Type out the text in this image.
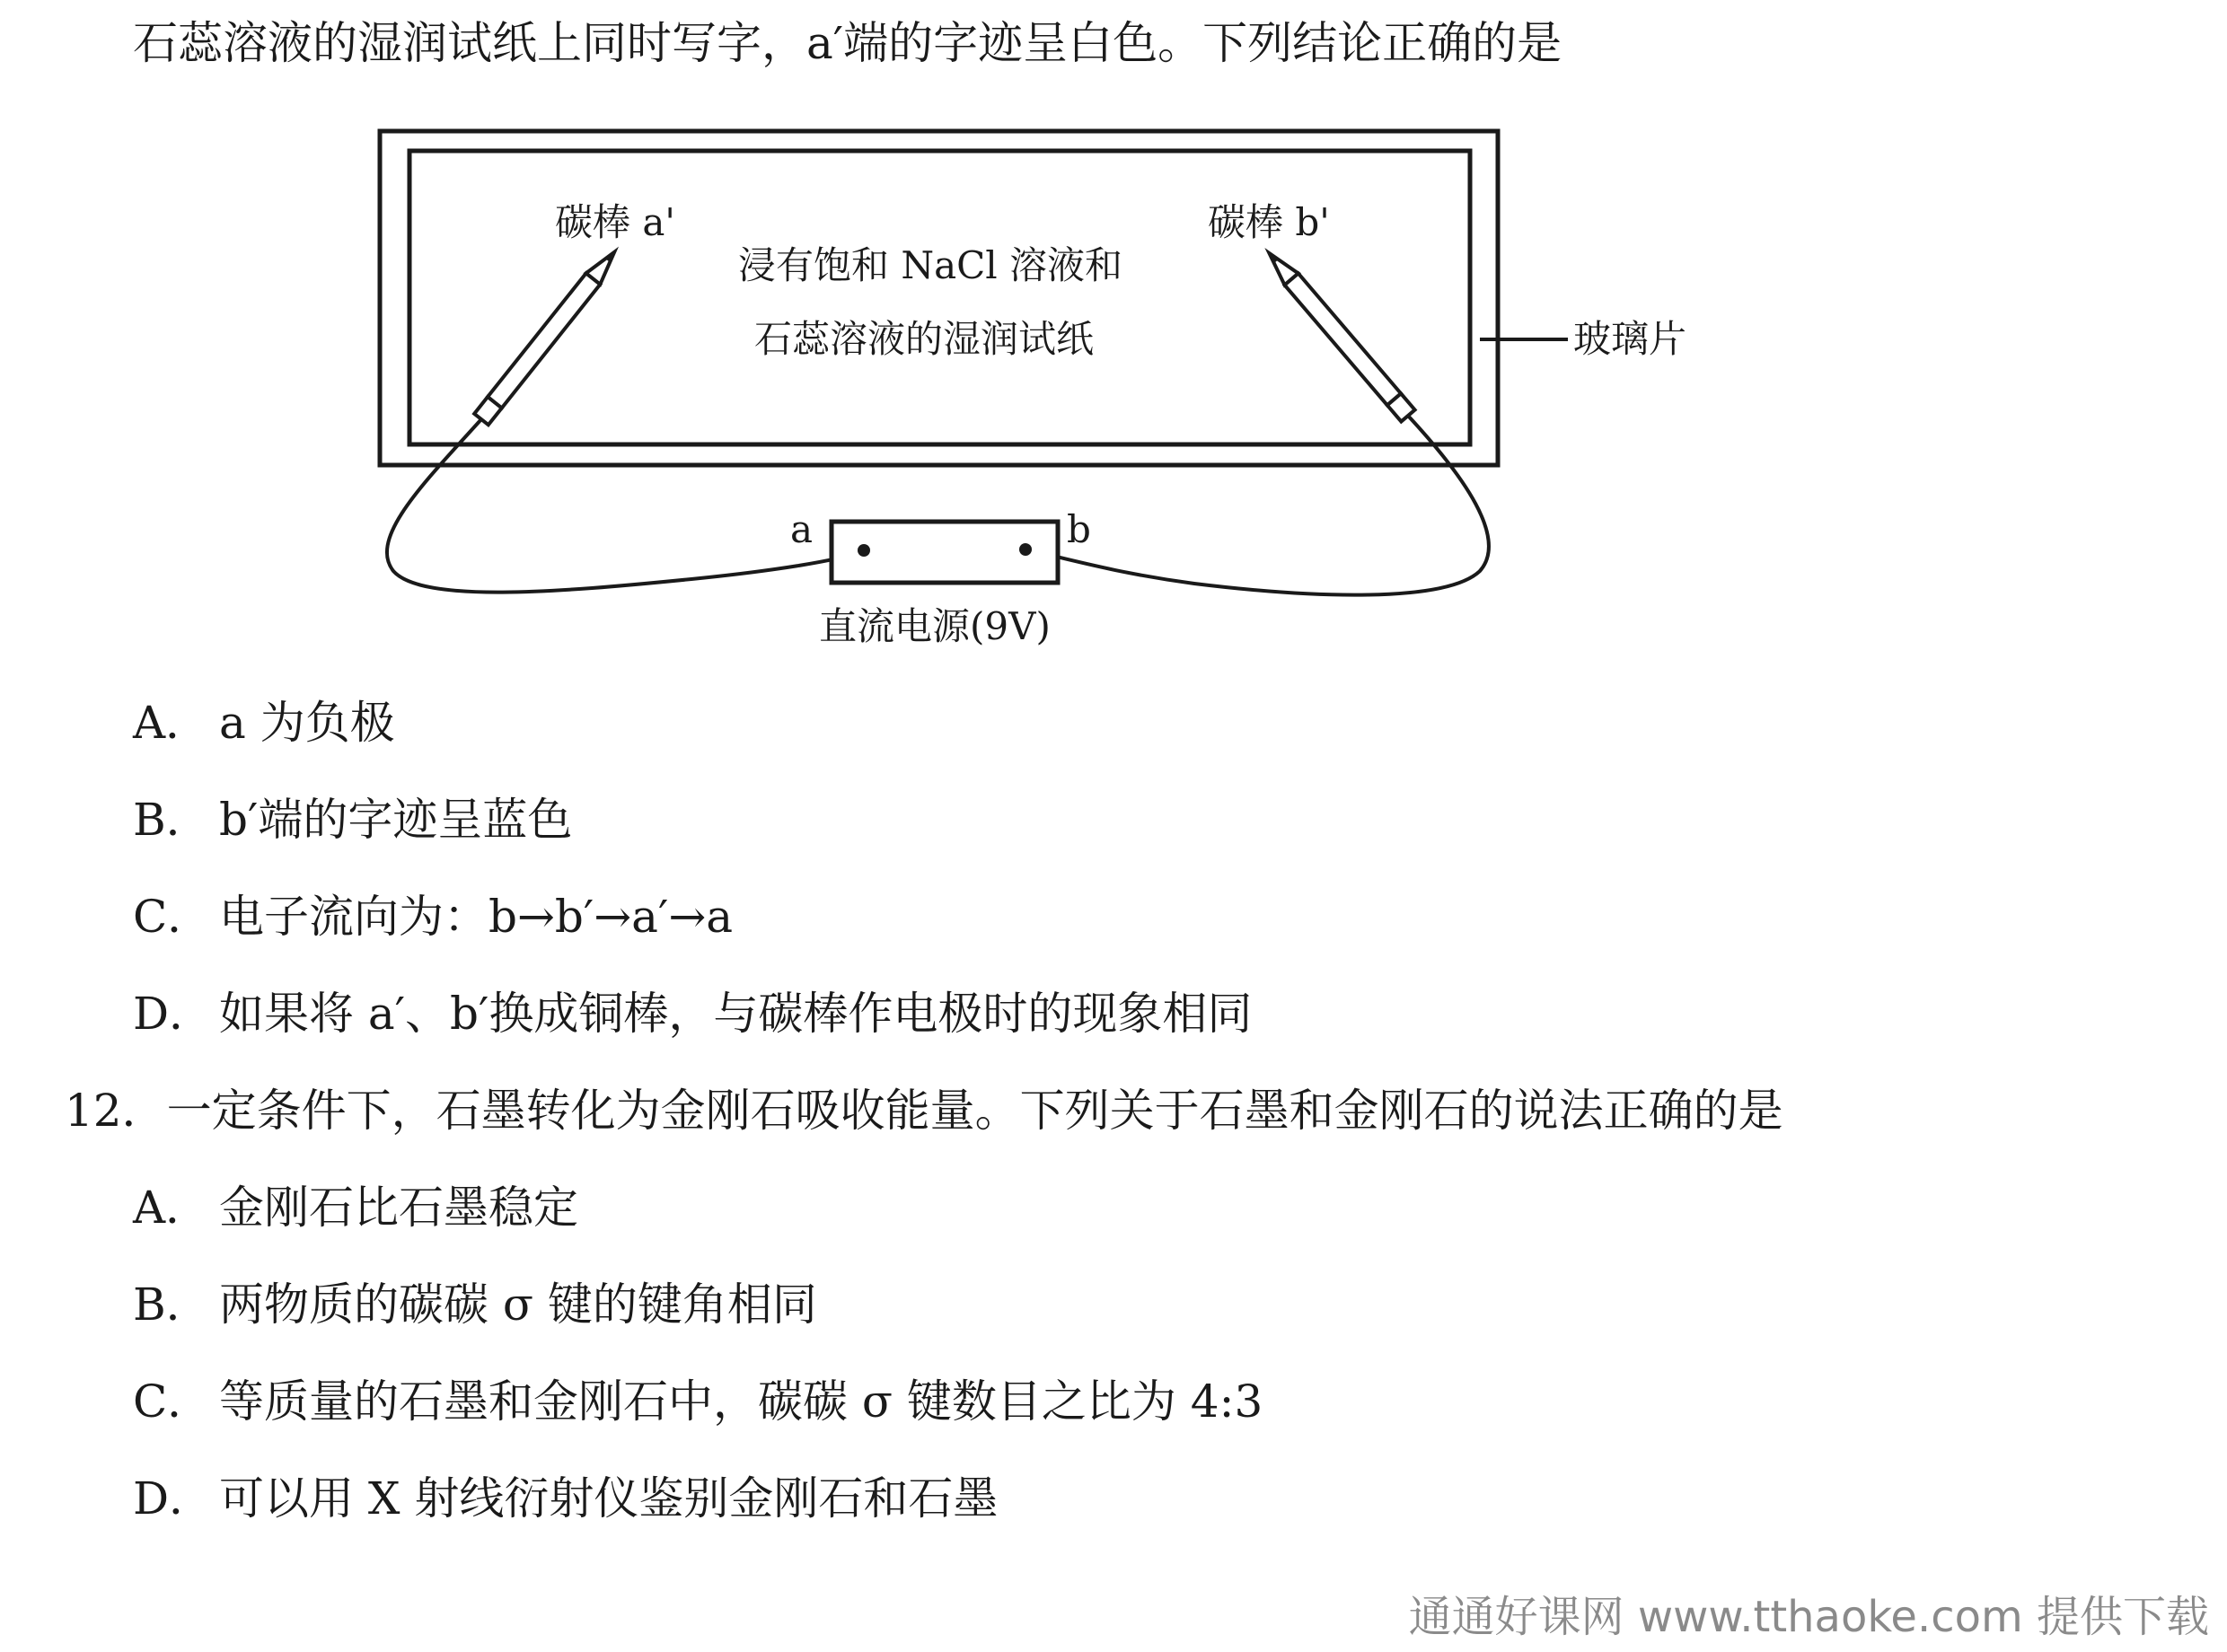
石蕊溶液的湿润试纸上同时写字，a′端的字迹呈白色。下列结论正确的是
碳棒 a'	碳棒 b'
浸有饱和 NaCl 溶液和
石蕊溶液的湿润试纸	玻璃片
a	b
直流电源(9V)
A． a 为负极
B． b′端的字迹呈蓝色
C． 电子流向为：b→b′→a′→a
D． 如果将 a′、b′换成铜棒，与碳棒作电极时的现象相同
12．一定条件下，石墨转化为金刚石吸收能量。下列关于石墨和金刚石的说法正确的是
A． 金刚石比石墨稳定
B． 两物质的碳碳 σ 键的键角相同
C． 等质量的石墨和金刚石中，碳碳 σ 键数目之比为 4:3
D． 可以用 X 射线衍射仪鉴别金刚石和石墨
通通好课网 www.tthaoke.com 提供下载
